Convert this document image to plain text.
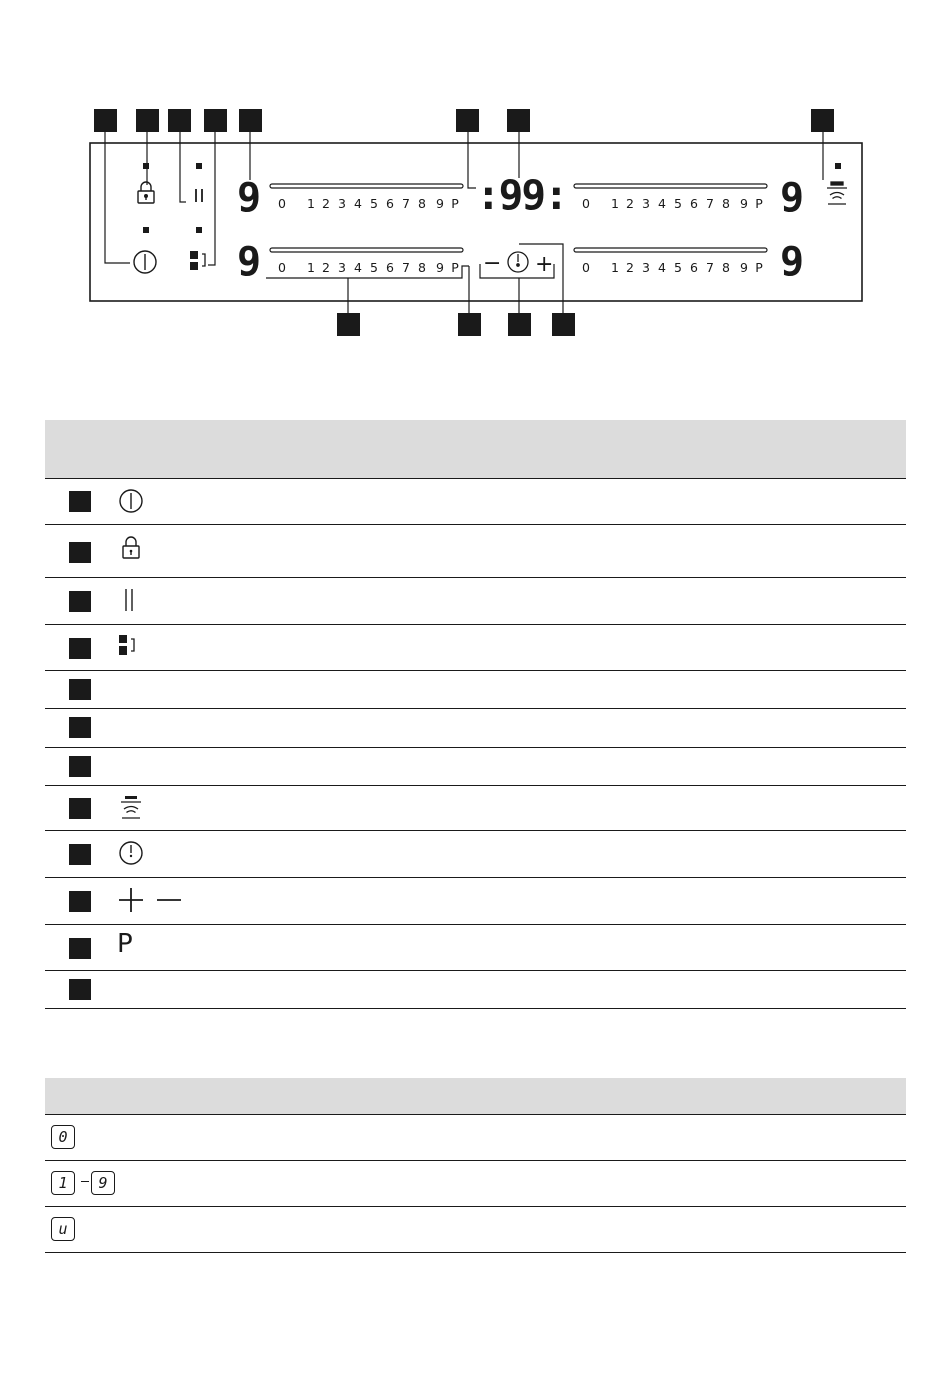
9	9
9	9
0 1 2 3 4 5 6 7 8 9 P	0 1 2 3 4 5 6 7 8 9 P
0 1 2 3 4 5 6 7 8 9 P	0 1 2 3 4 5 6 7 8 9 P
:99:
− +
P
0
1	9
u
